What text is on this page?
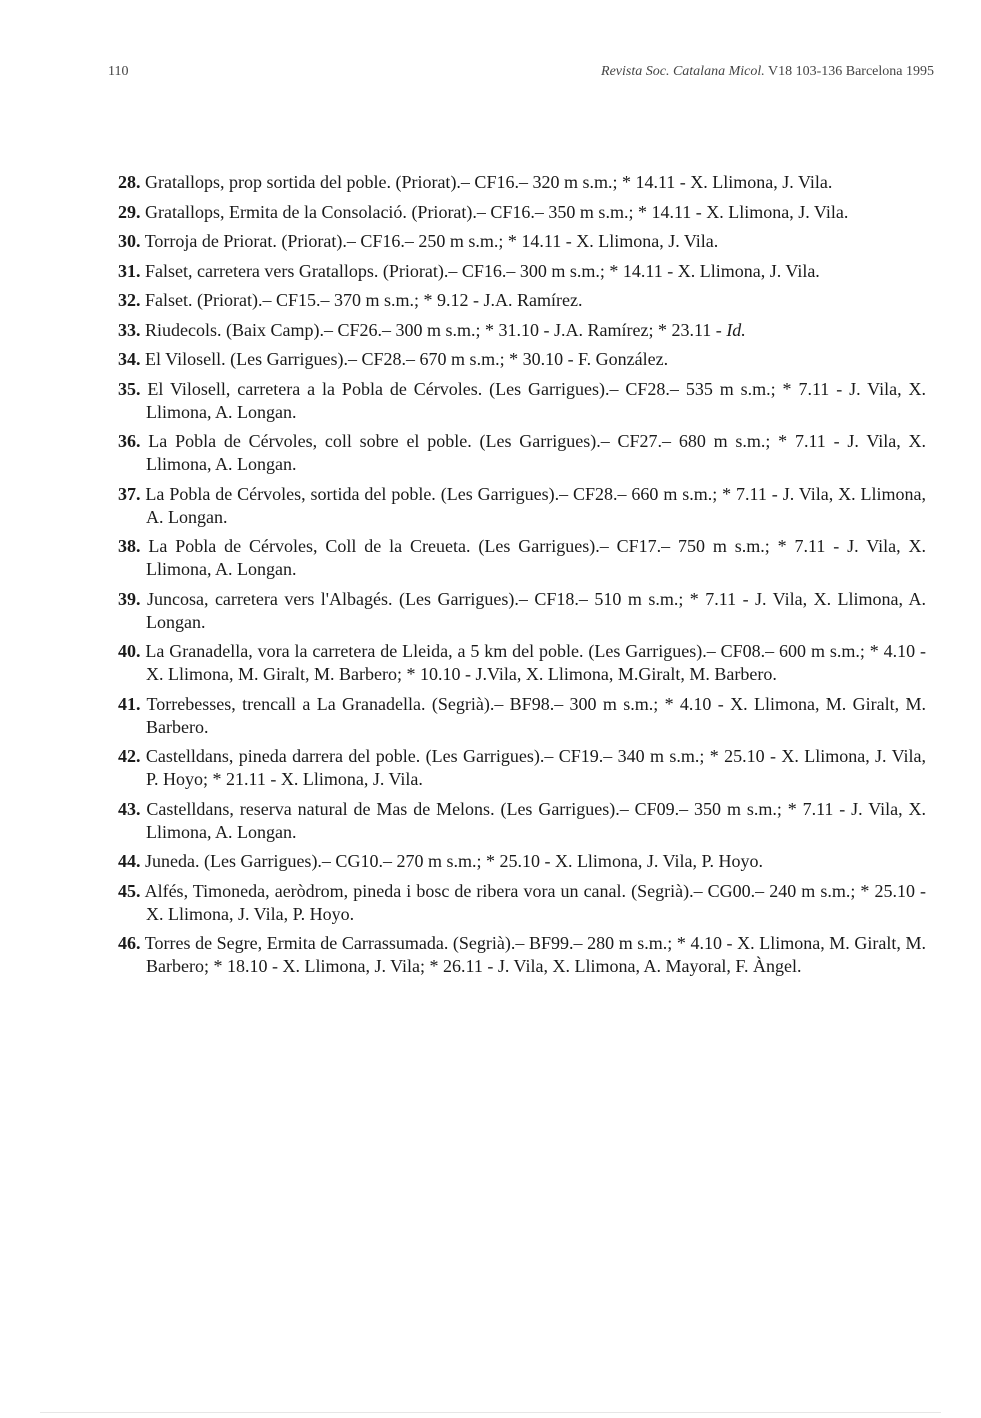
110	Revista Soc. Catalana Micol. V18 103-136 Barcelona 1995

28. Gratallops, prop sortida del poble. (Priorat).– CF16.– 320 m s.m.; * 14.11 - X. Llimona, J. Vila.

29. Gratallops, Ermita de la Consolació. (Priorat).– CF16.– 350 m s.m.; * 14.11 - X. Llimona, J. Vila.

30. Torroja de Priorat. (Priorat).– CF16.– 250 m s.m.; * 14.11 - X. Llimona, J. Vila.

31. Falset, carretera vers Gratallops. (Priorat).– CF16.– 300 m s.m.; * 14.11 - X. Llimona, J. Vila.

32. Falset. (Priorat).– CF15.– 370 m s.m.; * 9.12 - J.A. Ramírez.

33. Riudecols. (Baix Camp).– CF26.– 300 m s.m.; * 31.10 - J.A. Ramírez; * 23.11 - Id.

34. El Vilosell. (Les Garrigues).– CF28.– 670 m s.m.; * 30.10 - F. González.

35. El Vilosell, carretera a la Pobla de Cérvoles. (Les Garrigues).– CF28.– 535 m s.m.; * 7.11 - J. Vila, X. Llimona, A. Longan.

36. La Pobla de Cérvoles, coll sobre el poble. (Les Garrigues).– CF27.– 680 m s.m.; * 7.11 - J. Vila, X. Llimona, A. Longan.

37. La Pobla de Cérvoles, sortida del poble. (Les Garrigues).– CF28.– 660 m s.m.; * 7.11 - J. Vila, X. Llimona, A. Longan.

38. La Pobla de Cérvoles, Coll de la Creueta. (Les Garrigues).– CF17.– 750 m s.m.; * 7.11 - J. Vila, X. Llimona, A. Longan.

39. Juncosa, carretera vers l'Albagés. (Les Garrigues).– CF18.– 510 m s.m.; * 7.11 - J. Vila, X. Llimona, A. Longan.

40. La Granadella, vora la carretera de Lleida, a 5 km del poble. (Les Garrigues).– CF08.– 600 m s.m.; * 4.10 - X. Llimona, M. Giralt, M. Barbero; * 10.10 - J.Vila, X. Llimona, M.Giralt, M. Barbero.

41. Torrebesses, trencall a La Granadella. (Segrià).– BF98.– 300 m s.m.; * 4.10 - X. Llimona, M. Giralt, M. Barbero.

42. Castelldans, pineda darrera del poble. (Les Garrigues).– CF19.– 340 m s.m.; * 25.10 - X. Llimona, J. Vila, P. Hoyo; * 21.11 - X. Llimona, J. Vila.

43. Castelldans, reserva natural de Mas de Melons. (Les Garrigues).– CF09.– 350 m s.m.; * 7.11 - J. Vila, X. Llimona, A. Longan.

44. Juneda. (Les Garrigues).– CG10.– 270 m s.m.; * 25.10 - X. Llimona, J. Vila, P. Hoyo.

45. Alfés, Timoneda, aeròdrom, pineda i bosc de ribera vora un canal. (Segrià).– CG00.– 240 m s.m.; * 25.10 - X. Llimona, J. Vila, P. Hoyo.

46. Torres de Segre, Ermita de Carrassumada. (Segrià).– BF99.– 280 m s.m.; * 4.10 - X. Llimona, M. Giralt, M. Barbero; * 18.10 - X. Llimona, J. Vila; * 26.11 - J. Vila, X. Llimona, A. Mayoral, F. Àngel.
